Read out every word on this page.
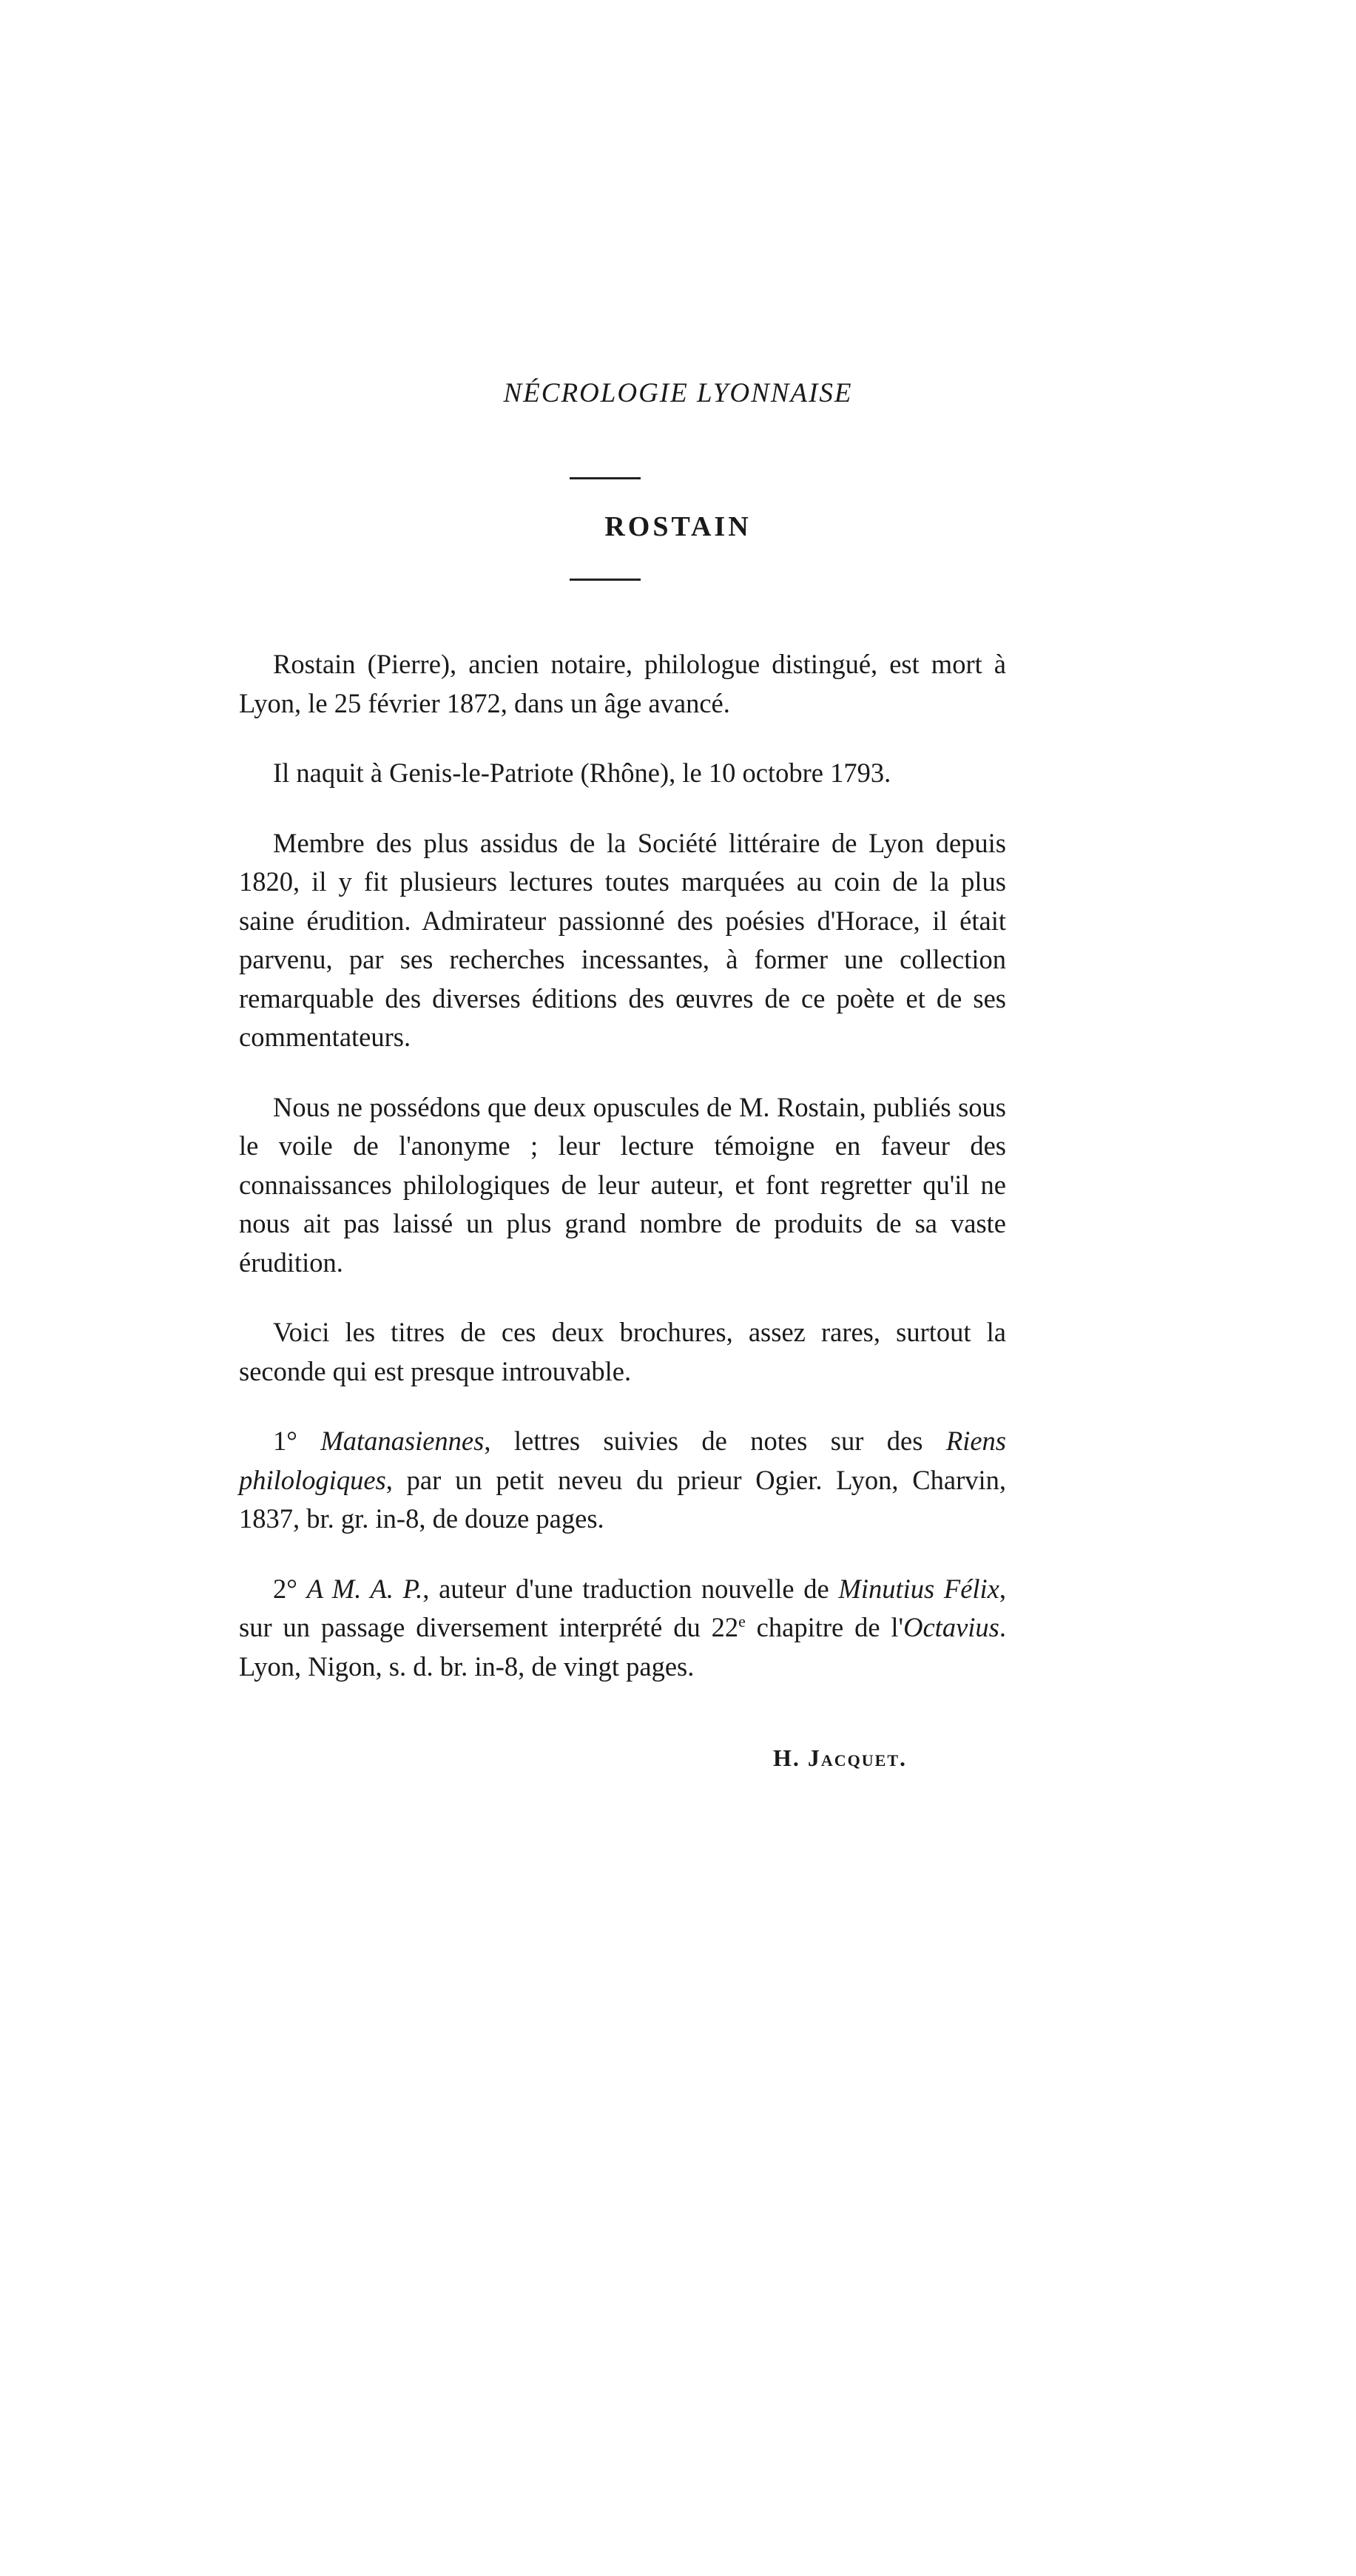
NÉCROLOGIE LYONNAISE
ROSTAIN

Rostain (Pierre), ancien notaire, philologue distingué, est mort à Lyon, le 25 février 1872, dans un âge avancé.

Il naquit à Genis-le-Patriote (Rhône), le 10 octobre 1793.

Membre des plus assidus de la Société littéraire de Lyon depuis 1820, il y fit plusieurs lectures toutes marquées au coin de la plus saine érudition. Admirateur passionné des poésies d'Horace, il était parvenu, par ses recherches incessantes, à former une collection remarquable des diverses éditions des œuvres de ce poète et de ses commentateurs.

Nous ne possédons que deux opuscules de M. Rostain, publiés sous le voile de l'anonyme ; leur lecture témoigne en faveur des connaissances philologiques de leur auteur, et font regretter qu'il ne nous ait pas laissé un plus grand nombre de produits de sa vaste érudition.

Voici les titres de ces deux brochures, assez rares, surtout la seconde qui est presque introuvable.

1° Matanasiennes, lettres suivies de notes sur des Riens philologiques, par un petit neveu du prieur Ogier. Lyon, Charvin, 1837, br. gr. in-8, de douze pages.

2° A M. A. P., auteur d'une traduction nouvelle de Minutius Félix, sur un passage diversement interprété du 22e chapitre de l'Octavius. Lyon, Nigon, s. d. br. in-8, de vingt pages.

H. Jacquet.
